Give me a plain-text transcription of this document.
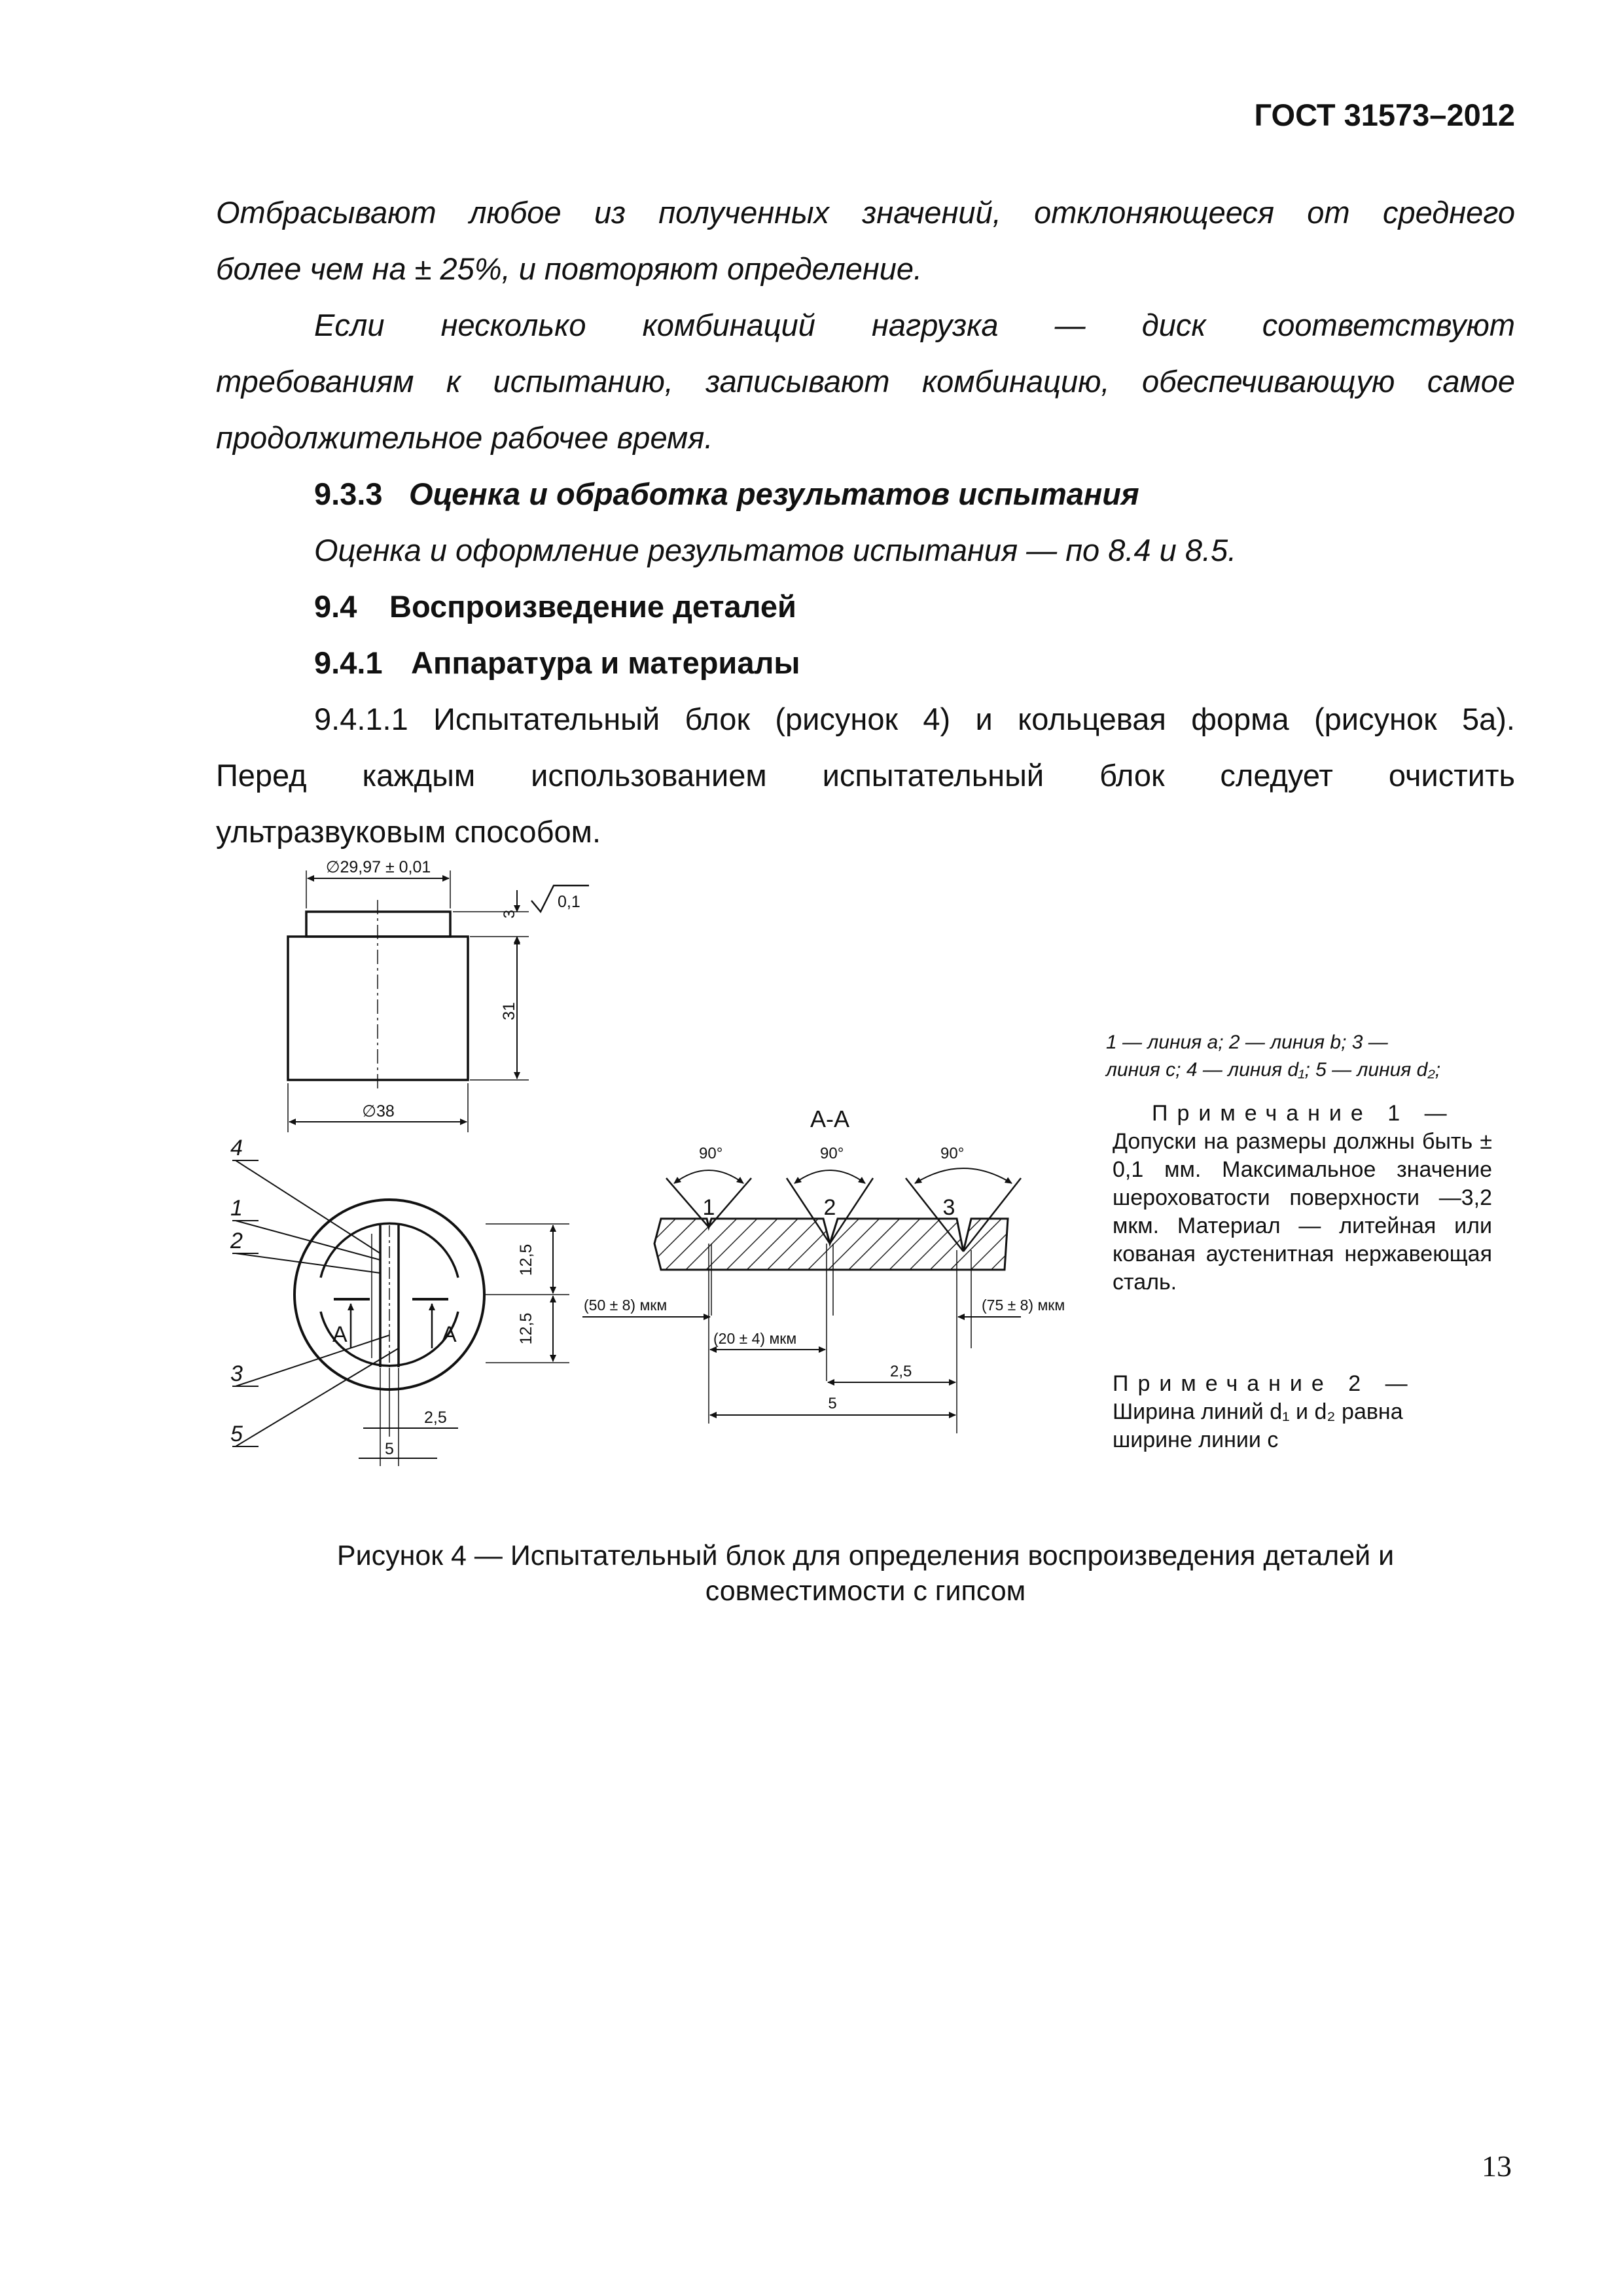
ГОСТ 31573–2012
Отбрасывают любое из полученных значений, отклоняющееся от среднего
более чем на ± 25%, и повторяют определение.
Если несколько комбинаций нагрузка — диск соответствуют
требованиям к испытанию, записывают комбинацию, обеспечивающую самое
продолжительное рабочее время.
9.3.3 Оценка и обработка результатов испытания
Оценка и оформление результатов испытания — по 8.4 и 8.5.
9.4 Воспроизведение деталей
9.4.1 Аппаратура и материалы
9.4.1.1 Испытательный блок (рисунок 4) и кольцевая форма (рисунок 5а).
Перед каждым использованием испытательный блок следует очистить
ультразвуковым способом.
∅29,97 ± 0,01
3
0,1
31
∅38
4
1
2
3
5
A	A
12,5
12,5
2,5
5
А-А
90°	90°	90°
1	2	3
(50 ± 8) мкм	(75 ± 8) мкм
(20 ± 4) мкм
2,5
5
1 — линия a; 2 — линия b; 3 —
линия c; 4 — линия d₁; 5 — линия d₂;
Примечание 1 —
Допуски на размеры должны быть ± 0,1 мм. Максимальное значение шероховатости поверхности —3,2 мкм. Материал — литейная или кованая аустенитная нержавеющая сталь.
Примечание 2 —
Ширина линий d₁ и d₂ равна
ширине линии c
Рисунок 4 — Испытательный блок для определения воспроизведения деталей и
совместимости с гипсом
13
